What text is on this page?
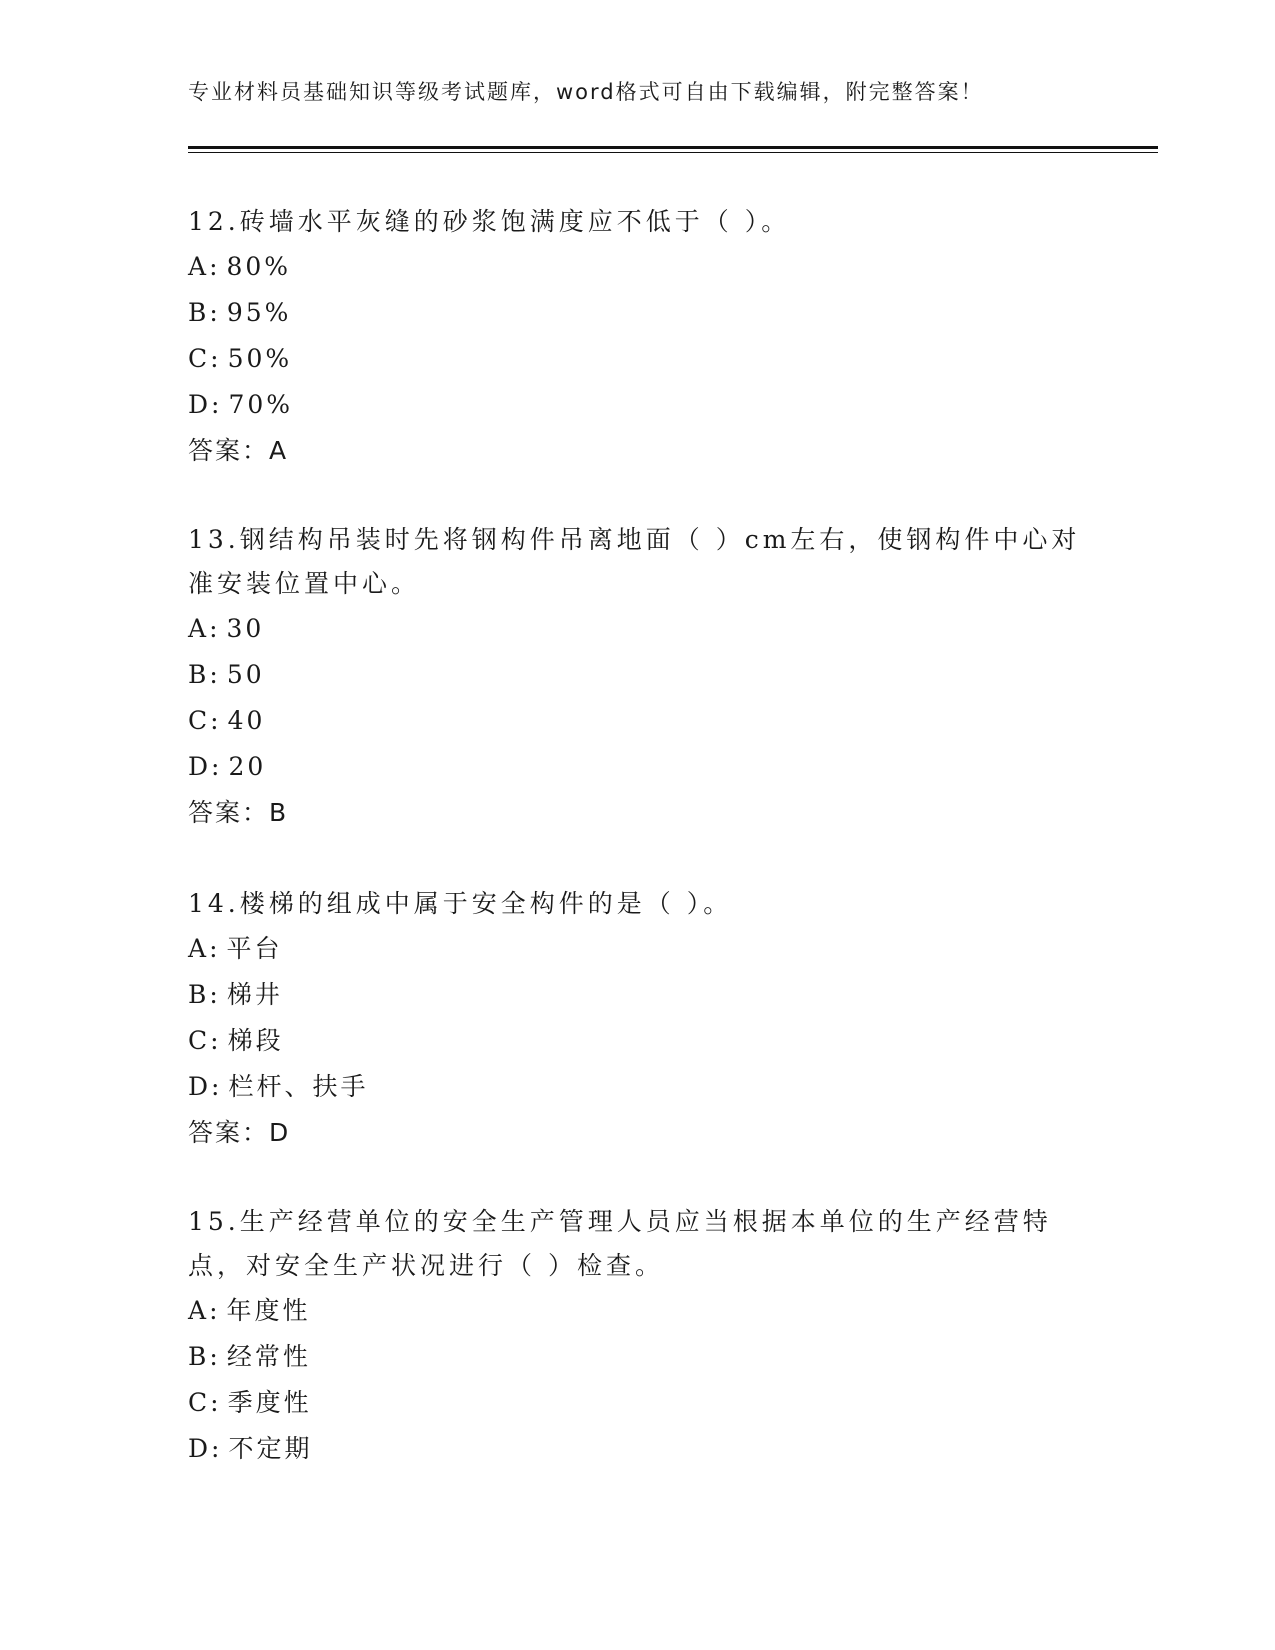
专业材料员基础知识等级考试题库，word格式可自由下载编辑，附完整答案！

12.砖墙水平灰缝的砂浆饱满度应不低于（ ）。

A: 80%
B: 95%
C: 50%
D: 70%
答案：A

13.钢结构吊装时先将钢构件吊离地面（ ）cm左右，使钢构件中心对准安装位置中心。

A: 30
B: 50
C: 40
D: 20
答案：B

14.楼梯的组成中属于安全构件的是（ ）。

A: 平台
B: 梯井
C: 梯段
D: 栏杆、扶手
答案：D

15.生产经营单位的安全生产管理人员应当根据本单位的生产经营特点，对安全生产状况进行（ ）检查。

A: 年度性
B: 经常性
C: 季度性
D: 不定期
